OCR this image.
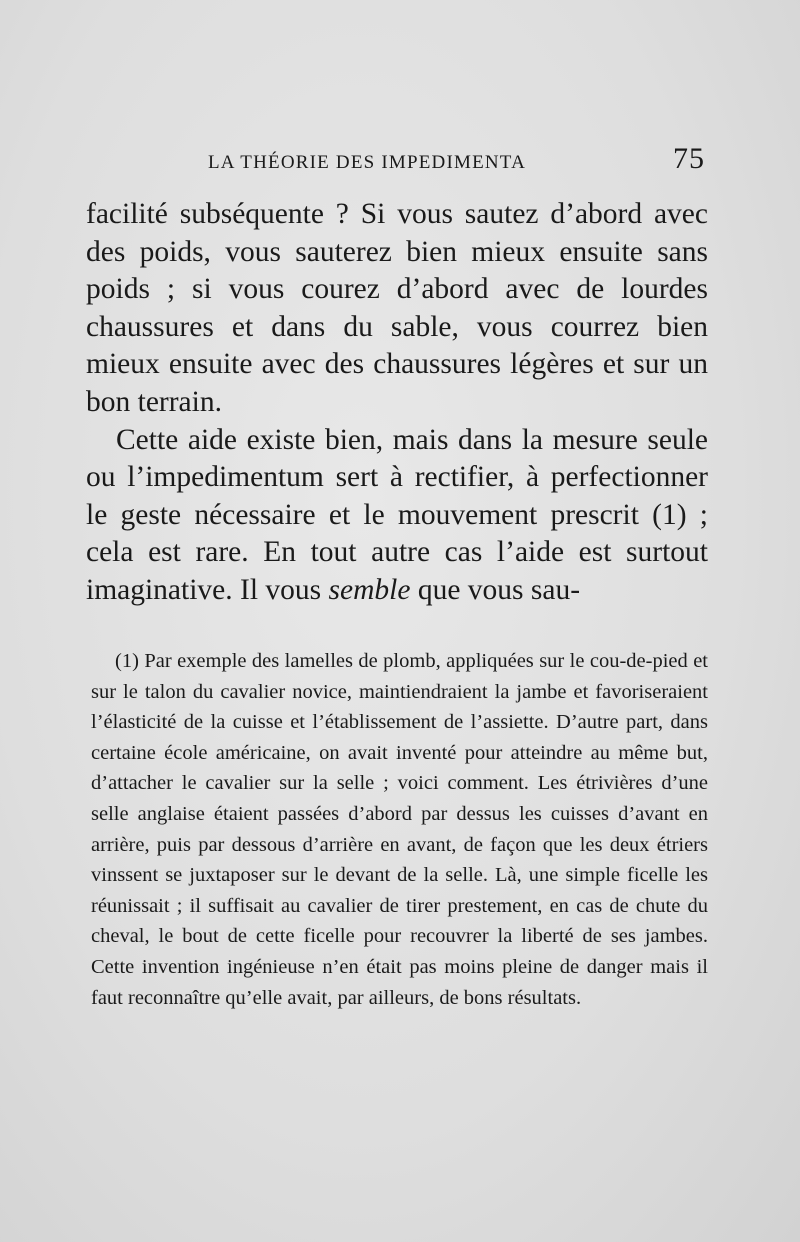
LA THÉORIE DES IMPEDIMENTA	75

facilité subséquente ? Si vous sautez d’abord avec des poids, vous sauterez bien mieux ensuite sans poids ; si vous courez d’abord avec de lourdes chaussures et dans du sable, vous courrez bien mieux ensuite avec des chaussures légères et sur un bon terrain.

Cette aide existe bien, mais dans la mesure seule ou l’impedimentum sert à rectifier, à perfectionner le geste nécessaire et le mouvement prescrit (1) ; cela est rare. En tout autre cas l’aide est surtout imaginative. Il vous semble que vous sau-

(1) Par exemple des lamelles de plomb, appliquées sur le cou-de-pied et sur le talon du cavalier novice, maintiendraient la jambe et favoriseraient l’élasticité de la cuisse et l’établissement de l’assiette. D’autre part, dans certaine école américaine, on avait inventé pour atteindre au même but, d’attacher le cavalier sur la selle ; voici comment. Les étrivières d’une selle anglaise étaient passées d’abord par dessus les cuisses d’avant en arrière, puis par dessous d’arrière en avant, de façon que les deux étriers vinssent se juxtaposer sur le devant de la selle. Là, une simple ficelle les réunissait ; il suffisait au cavalier de tirer prestement, en cas de chute du cheval, le bout de cette ficelle pour recouvrer la liberté de ses jambes. Cette invention ingénieuse n’en était pas moins pleine de danger mais il faut reconnaître qu’elle avait, par ailleurs, de bons résultats.
